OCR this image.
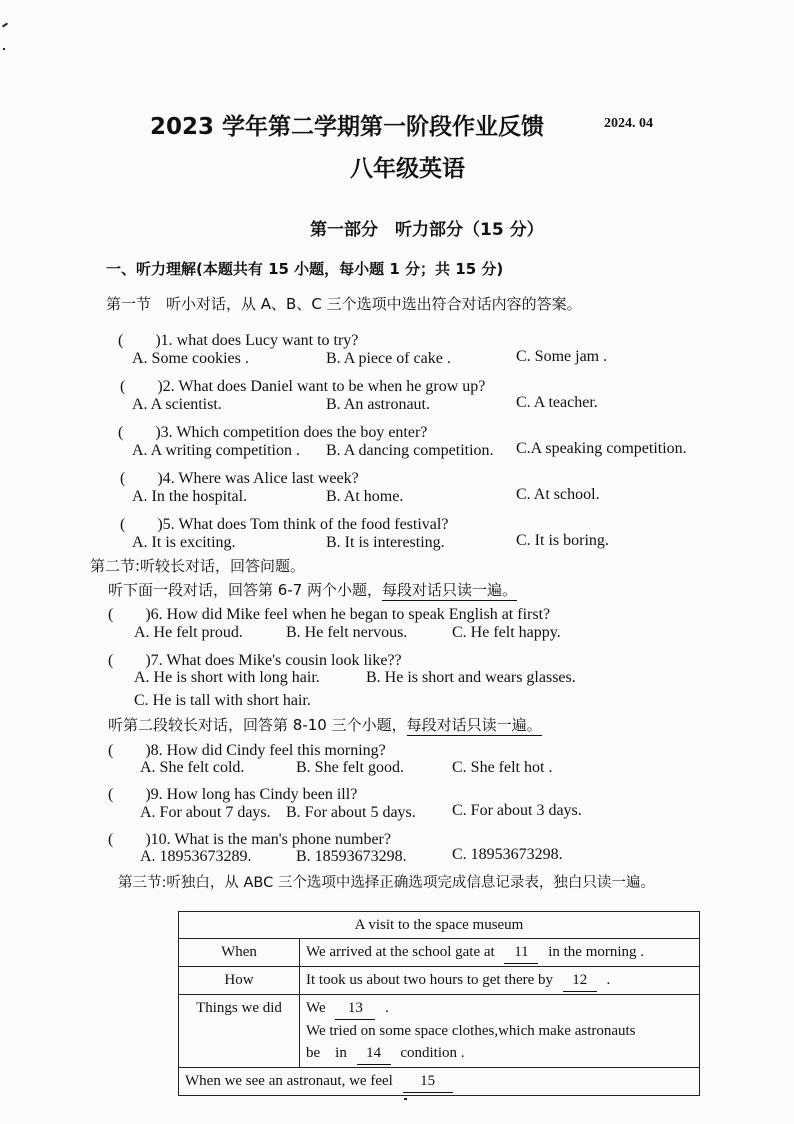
2023 学年第二学期第一阶段作业反馈	2024. 04
八年级英语
第一部分　听力部分（15 分）
一、听力理解(本题共有 15 小题，每小题 1 分；共 15 分)
第一节　听小对话，从 A、B、C 三个选项中选出符合对话内容的答案。
(　　)1. what does Lucy want to try?
A. Some cookies .	B. A piece of cake .	C. Some jam .
(　　)2. What does Daniel want to be when he grow up?
A. A scientist.	B. An astronaut.	C. A teacher.
(　　)3. Which competition does the boy enter?
A. A writing competition . B. A dancing competition. C.A speaking competition.
(　　)4. Where was Alice last week?
A. In the hospital.	B. At home.	C. At school.
(　　)5. What does Tom think of the food festival?
A. It is exciting.	B. It is interesting.	C. It is boring.
第二节:听较长对话，回答问题。
听下面一段对话，回答第 6-7 两个小题，每段对话只读一遍。
(　　)6. How did Mike feel when he began to speak English at first?
A. He felt proud.	B. He felt nervous.	C. He felt happy.
(　　)7. What does Mike's cousin look like??
A. He is short with long hair.	B. He is short and wears glasses.
C. He is tall with short hair.
听第二段较长对话，回答第 8-10 三个小题，每段对话只读一遍。
(　　)8. How did Cindy feel this morning?
A. She felt cold.	B. She felt good.	C. She felt hot .
(　　)9. How long has Cindy been ill?
A. For about 7 days. B. For about 5 days. C. For about 3 days.
(　　)10. What is the man's phone number?
A. 18953673289.	B. 18593673298.	C. 18953673298.
第三节:听独白，从 ABC 三个选项中选择正确选项完成信息记录表，独白只读一遍。
A visit to the space museum	
When	We arrived at the school gate at 11 in the morning .
How	It took us about two hours to get there by 12 .
Things we did	We 13 .
We tried on some space clothes,which make astronauts
be　in 14 condition .

When we see an astronaut, we feel 15	
